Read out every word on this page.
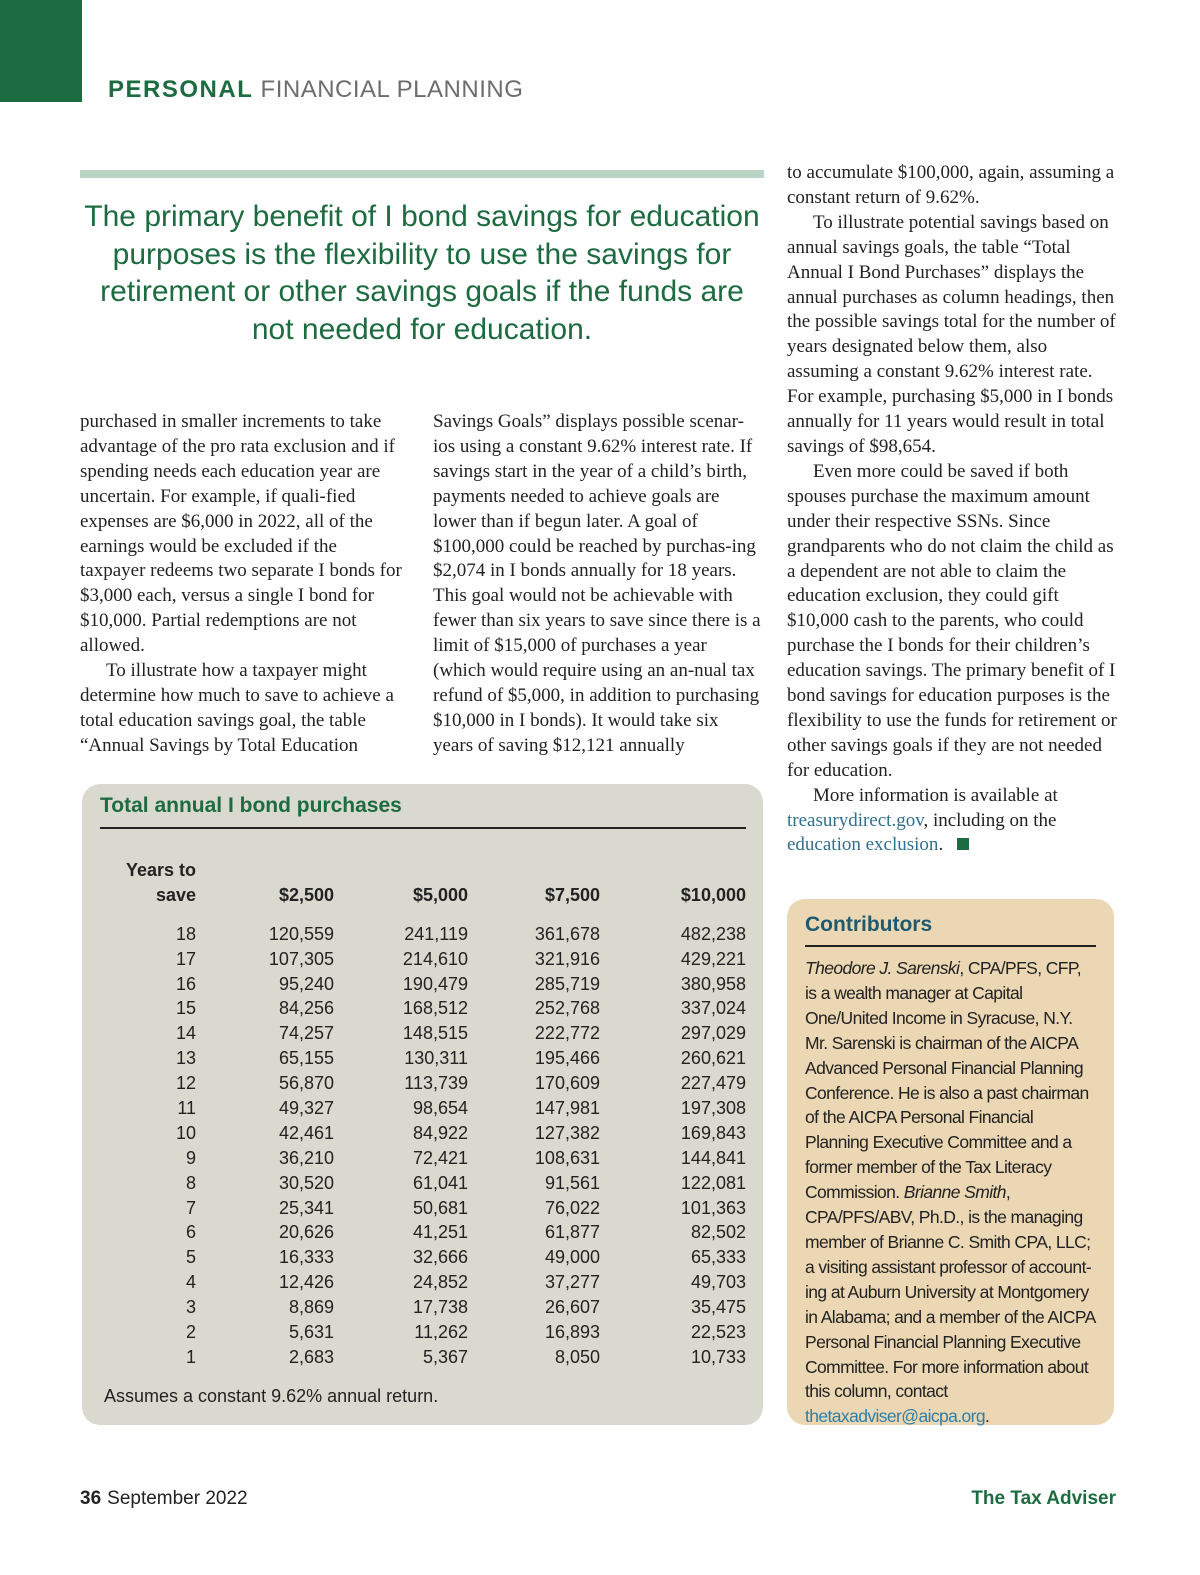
PERSONAL FINANCIAL PLANNING
The primary benefit of I bond savings for education purposes is the flexibility to use the savings for retirement or other savings goals if the funds are not needed for education.

purchased in smaller increments to take advantage of the pro rata exclusion and if spending needs each education year are uncertain. For example, if quali-fied expenses are $6,000 in 2022, all of the earnings would be excluded if the taxpayer redeems two separate I bonds for $3,000 each, versus a single I bond for $10,000. Partial redemptions are not allowed.

To illustrate how a taxpayer might determine how much to save to achieve a total education savings goal, the table “Annual Savings by Total Education

Savings Goals” displays possible scenar-ios using a constant 9.62% interest rate. If savings start in the year of a child’s birth, payments needed to achieve goals are lower than if begun later. A goal of $100,000 could be reached by purchas-ing $2,074 in I bonds annually for 18 years. This goal would not be achievable with fewer than six years to save since there is a limit of $15,000 of purchases a year (which would require using an an-nual tax refund of $5,000, in addition to purchasing $10,000 in I bonds). It would take six years of saving $12,121 annually

to accumulate $100,000, again, assuming a constant return of 9.62%.

To illustrate potential savings based on annual savings goals, the table “Total Annual I Bond Purchases” displays the annual purchases as column headings, then the possible savings total for the number of years designated below them, also assuming a constant 9.62% interest rate. For example, purchasing $5,000 in I bonds annually for 11 years would result in total savings of $98,654.

Even more could be saved if both spouses purchase the maximum amount under their respective SSNs. Since grandparents who do not claim the child as a dependent are not able to claim the education exclusion, they could gift $10,000 cash to the parents, who could purchase the I bonds for their children’s education savings. The primary benefit of I bond savings for education purposes is the flexibility to use the funds for retirement or other savings goals if they are not needed for education.

More information is available at treasurydirect.gov, including on the education exclusion.

Total annual I bond purchases
Years to
save	$2,500	$5,000	$7,500	$10,000
18	120,559	241,119	361,678	482,238
17	107,305	214,610	321,916	429,221
16	95,240	190,479	285,719	380,958
15	84,256	168,512	252,768	337,024
14	74,257	148,515	222,772	297,029
13	65,155	130,311	195,466	260,621
12	56,870	113,739	170,609	227,479
11	49,327	98,654	147,981	197,308
10	42,461	84,922	127,382	169,843
9	36,210	72,421	108,631	144,841
8	30,520	61,041	91,561	122,081
7	25,341	50,681	76,022	101,363
6	20,626	41,251	61,877	82,502
5	16,333	32,666	49,000	65,333
4	12,426	24,852	37,277	49,703
3	8,869	17,738	26,607	35,475
2	5,631	11,262	16,893	22,523
1	2,683	5,367	8,050	10,733
Assumes a constant 9.62% annual return.
Contributors
Theodore J. Sarenski, CPA/PFS, CFP, is a wealth manager at Capital One/United Income in Syracuse, N.Y. Mr. Sarenski is chairman of the AICPA Advanced Personal Financial Planning Conference. He is also a past chairman of the AICPA Personal Financial Planning Executive Committee and a former member of the Tax Literacy Commission. Brianne Smith, CPA/PFS/ABV, Ph.D., is the managing member of Brianne C. Smith CPA, LLC; a visiting assistant professor of account-ing at Auburn University at Montgomery in Alabama; and a member of the AICPA Personal Financial Planning Executive Committee. For more information about this column, contact thetaxadviser@aicpa.org.
36 September 2022	The Tax Adviser
